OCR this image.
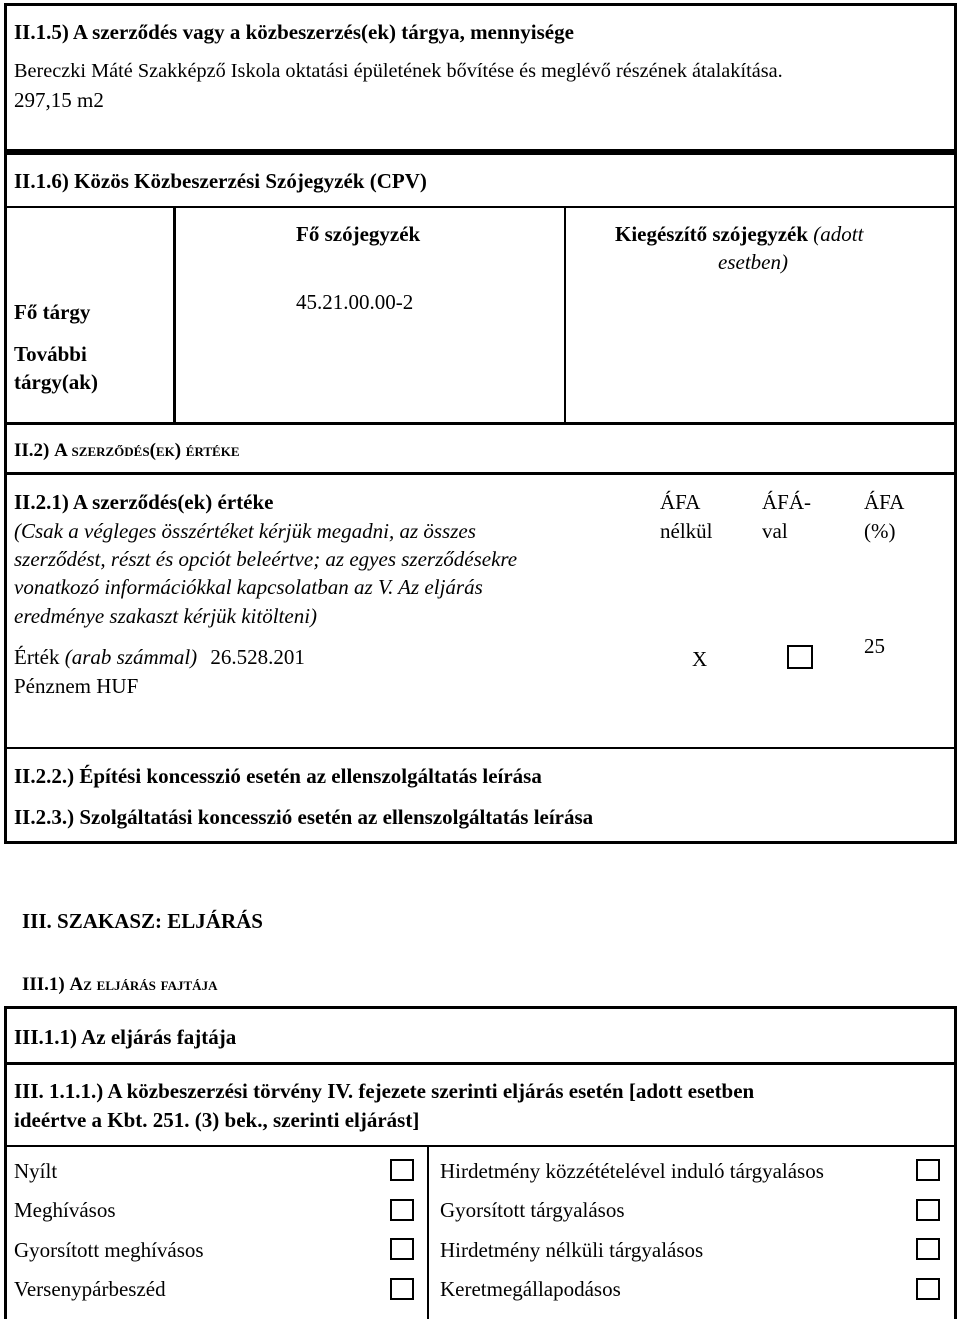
II.1.5) A szerződés vagy a közbeszerzés(ek) tárgya, mennyisége
Bereczki Máté Szakképző Iskola oktatási épületének bővítése és meglévő részének átalakítása.
297,15 m2
II.1.6) Közös Közbeszerzési Szójegyzék (CPV)
Fő szójegyzék	Kiegészítő szójegyzék (adott
esetben)
45.21.00.00-2
Fő tárgy
További
tárgy(ak)
II.2) A szerződés(ek) értéke
II.2.1) A szerződés(ek) értéke
(Csak a végleges összértéket kérjük megadni, az összes
szerződést, részt és opciót beleértve; az egyes szerződésekre
vonatkozó információkkal kapcsolatban az V. Az eljárás
eredménye szakaszt kérjük kitölteni)
ÁFA
nélkül
ÁFÁ-
val
ÁFA
(%)
Érték (arab számmal) 26.528.201
Pénznem HUF
X
25
II.2.2.) Építési koncesszió esetén az ellenszolgáltatás leírása
II.2.3.) Szolgáltatási koncesszió esetén az ellenszolgáltatás leírása
III. SZAKASZ: ELJÁRÁS
III.1) Az eljárás fajtája
III.1.1) Az eljárás fajtája
III. 1.1.1.) A közbeszerzési törvény IV. fejezete szerinti eljárás esetén [adott esetben
ideértve a Kbt. 251. (3) bek., szerinti eljárást]
Nyílt
Meghívásos
Gyorsított meghívásos
Versenypárbeszéd
Hirdetmény közzétételével induló tárgyalásos
Gyorsított tárgyalásos
Hirdetmény nélküli tárgyalásos
Keretmegállapodásos
